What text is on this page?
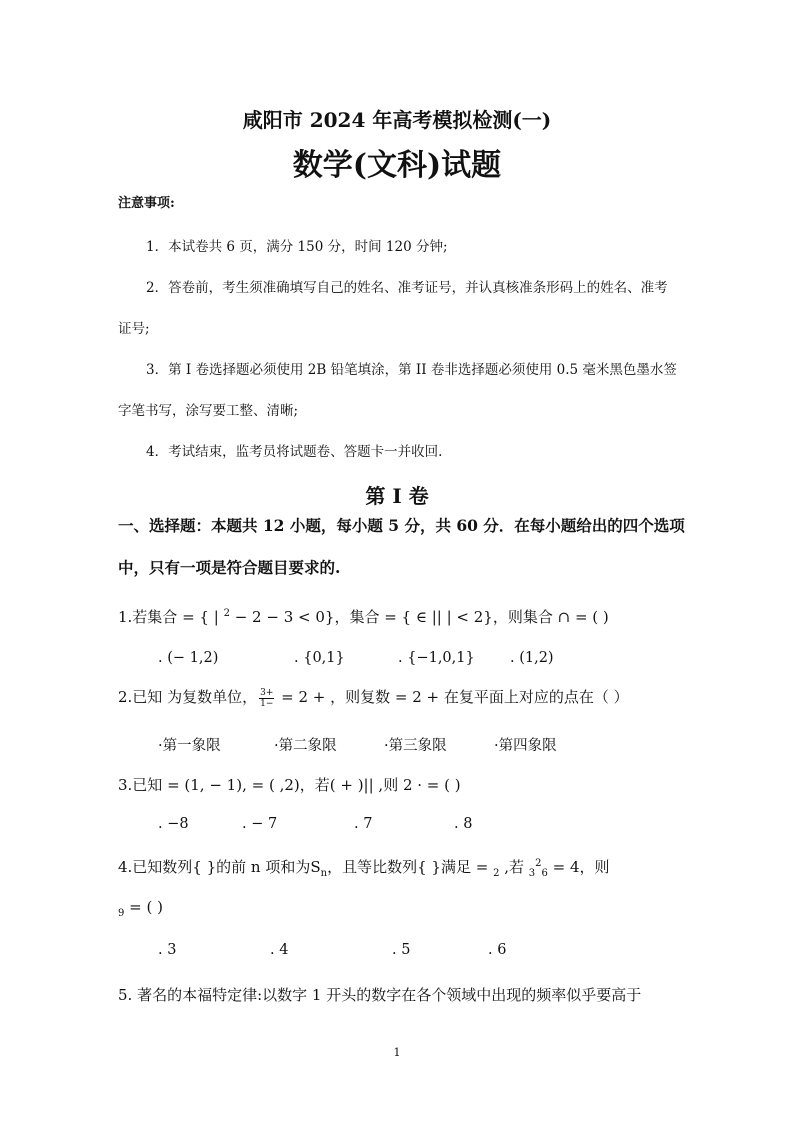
咸阳市 2024 年高考模拟检测(一)
数学(文科)试题
注意事项:
1．本试卷共 6 页，满分 150 分，时间 120 分钟;
2．答卷前，考生须准确填写自己的姓名、准考证号，并认真核准条形码上的姓名、准考
证号;
3．第 I 卷选择题必须使用 2B 铅笔填涂，第 II 卷非选择题必须使用 0.5 毫米黑色墨水签
字笔书写，涂写要工整、清晰;
4．考试结束，监考员将试题卷、答题卡一并收回.
第 I 卷
一、选择题：本题共 12 小题，每小题 5 分，共 60 分．在每小题给出的四个选项
中，只有一项是符合题目要求的.
1.若集合 = { | $^2$ − 2 − 3 < 0}，集合 = { ∈ || | < 2}，则集合 ∩ = ( )
. (− 1,2)	. {0,1}	. {−1,0,1} . (1,2)
2.已知 为复数单位， $\frac{3+}{1-} = 2$ + ，则复数 = 2 + 在复平面上对应的点在（ ）
·第一象限	·第二象限	·第三象限	·第四象限
3.已知 = (1, − 1), = ( ,2)，若( + )|| ,则 2 · = ( )
. −8	. − 7	. 7	. 8
4.已知数列{ }的前 n 项和为$S_n$，且等比数列{ }满足 = $_2$ ,若 $_3^2_6$ = 4，则
$_9$ = ( )
. 3	. 4	. 5	. 6
5. 著名的本福特定律:以数字 1 开头的数字在各个领域中出现的频率似乎要高于
1
